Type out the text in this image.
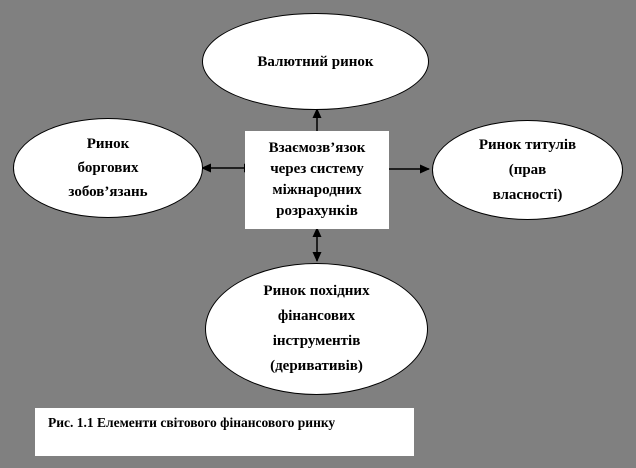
Валютний ринок
Ринок
боргових
зобов’язань
Взаємозв’язок
через систему
міжнародних
розрахунків
Ринок титулів
(прав
власності)
Ринок похідних
фінансових
інструментів
(деривативів)
Рис. 1.1 Елементи світового фінансового ринку
